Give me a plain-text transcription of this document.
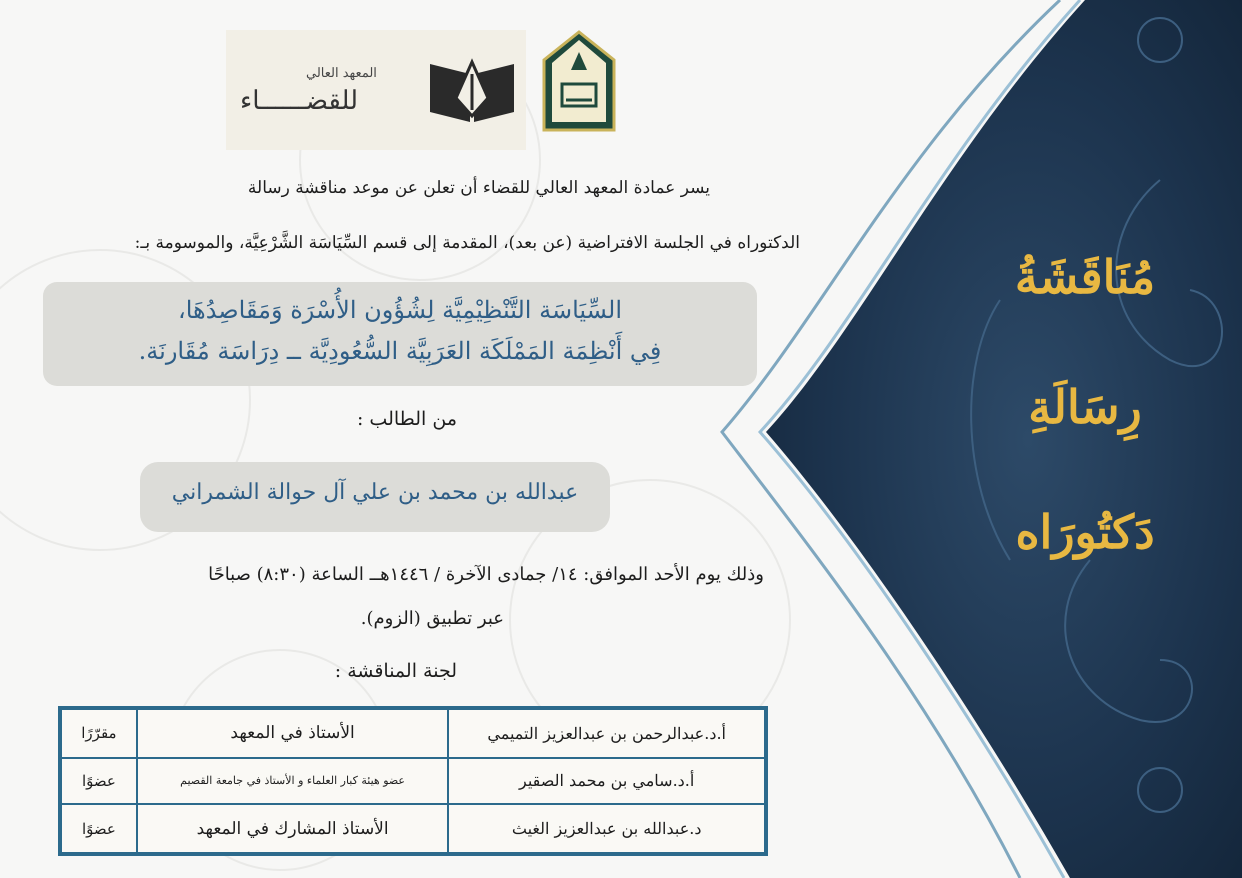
المعهد العالي
للقضــــــاء
يسر عمادة المعهد العالي للقضاء أن تعلن عن موعد مناقشة رسالة
الدكتوراه في الجلسة الافتراضية (عن بعد)، المقدمة إلى قسم السِّيَاسَة الشَّرْعِيَّة، والموسومة بـ:
السِّيَاسَة التَّنْظِيْمِيَّة لِشُؤُون الأُسْرَة وَمَقَاصِدُهَا،
فِي أَنْظِمَة المَمْلَكَة العَرَبِيَّة السُّعُودِيَّة ــ دِرَاسَة مُقَارنَة.
من الطالب :
عبدالله بن محمد بن علي آل حوالة الشمراني
وذلك يوم الأحد الموافق: ١٤/ جمادى الآخرة / ١٤٤٦هــ الساعة (٨:٣٠) صباحًا
عبر تطبيق (الزوم).
لجنة المناقشة :
أ.د.عبدالرحمن بن عبدالعزيز التميمي	الأستاذ في المعهد	مقرّرًا
أ.د.سامي بن محمد الصقير	عضو هيئة كبار العلماء و الأستاذ في جامعة القصيم	عضوًا
د.عبدالله بن عبدالعزيز الغيث	الأستاذ المشارك في المعهد	عضوًا
مُنَاقَشَةُ
رِسَالَةِ
دَكتُورَاه
